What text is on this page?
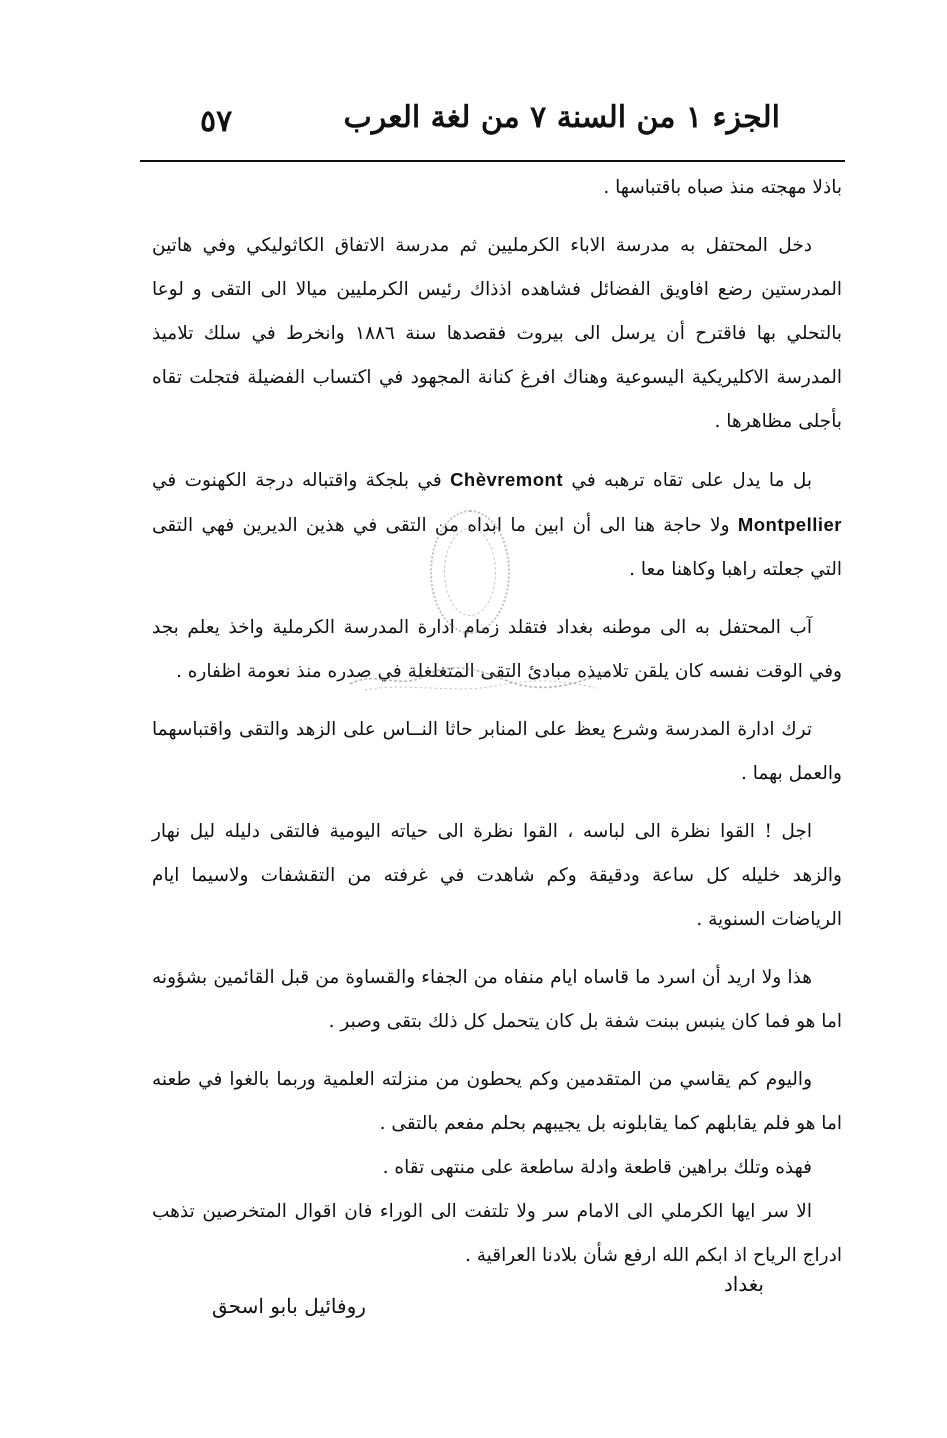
٥٧	الجزء ١ من السنة ٧ من لغة العرب

باذلا مهجته منذ صباه باقتباسها .

دخل المحتفل به مدرسة الاباء الكرمليين ثم مدرسة الاتفاق الكاثوليكي وفي هاتين المدرستين رضع افاويق الفضائل فشاهده اذذاك رئيس الكرمليين ميالا الى التقى و لوعا بالتحلي بها فاقترح أن يرسل الى بيروت فقصدها سنة ١٨٨٦ وانخرط في سلك تلاميذ المدرسة الاكليريكية اليسوعية وهناك افرغ كنانة المجهود في اكتساب الفضيلة فتجلت تقاه بأجلى مظاهرها .

بل ما يدل على تقاه ترهبه في Chèvremont في بلجكة واقتباله درجة الكهنوت في Montpellier ولا حاجة هنا الى أن ابين ما ابداه من التقى في هذين الديرين فهي التقى التي جعلته راهبا وكاهنا معا .

آب المحتفل به الى موطنه بغداد فتقلد زمام ادارة المدرسة الكرملية واخذ يعلم بجد وفي الوقت نفسه كان يلقن تلاميذه مبادئ التقى المتغلغلة في صدره منذ نعومة اظفاره .

ترك ادارة المدرسة وشرع يعظ على المنابر حاثا النــاس على الزهد والتقى واقتباسهما والعمل بهما .

اجل ! القوا نظرة الى لباسه ، القوا نظرة الى حياته اليومية فالتقى دليله ليل نهار والزهد خليله كل ساعة ودقيقة وكم شاهدت في غرفته من التقشفات ولاسيما ايام الرياضات السنوية .

هذا ولا اريد أن اسرد ما قاساه ايام منفاه من الجفاء والقساوة من قبل القائمين بشؤونه اما هو فما كان ينبس ببنت شفة بل كان يتحمل كل ذلك بتقى وصبر .

واليوم كم يقاسي من المتقدمين وكم يحطون من منزلته العلمية وربما بالغوا في طعنه اما هو فلم يقابلهم كما يقابلونه بل يجيبهم بحلم مفعم بالتقى .

فهذه وتلك براهين قاطعة وادلة ساطعة على منتهى تقاه .

الا سر ايها الكرملي الى الامام سر ولا تلتفت الى الوراء فان اقوال المتخرصين تذهب ادراج الرياح اذ ابكم الله ارفع شأن بلادنا العراقية .

بغداد
روفائيل بابو اسحق
